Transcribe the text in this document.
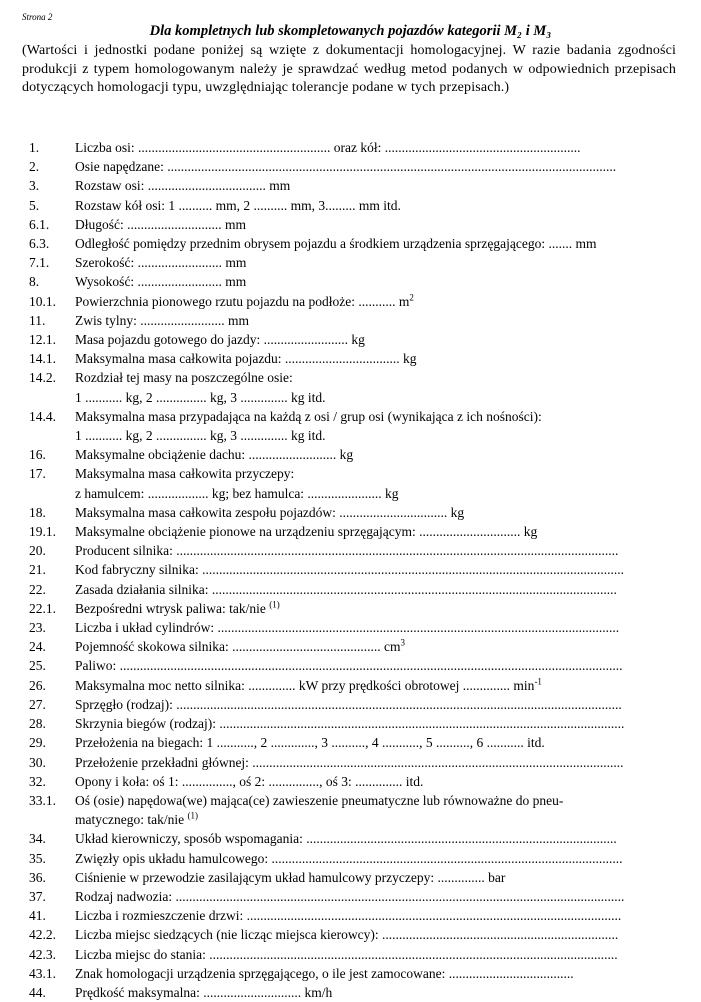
Strona 2

Dla kompletnych lub skompletowanych pojazdów kategorii M₂ i M₃

(Wartości i jednostki podane poniżej są wzięte z dokumentacji homologacyjnej. W razie badania zgodności produkcji z typem homologowanym należy je sprawdzać według metod podanych w odpowiednich przepisach dotyczących homologacji typu, uwzględniając tolerancje podane w tych przepisach.)

1.	Liczba osi: ......................................................... oraz kół: ..........................................................
2.	Osie napędzane: .....................................................................................................................................
3.	Rozstaw osi: ................................... mm
5.	Rozstaw kół osi: 1 .......... mm, 2 .......... mm, 3......... mm itd.
6.1. Długość: ............................ mm
6.3. Odległość pomiędzy przednim obrysem pojazdu a środkiem urządzenia sprzęgającego: ....... mm
7.1. Szerokość: ......................... mm
8.	Wysokość: ......................... mm
10.1. Powierzchnia pionowego rzutu pojazdu na podłoże: ........... $m^2$
11. Zwis tylny: ......................... mm
12.1. Masa pojazdu gotowego do jazdy: ......................... kg
14.1. Maksymalna masa całkowita pojazdu: .................................. kg
14.2. Rozdział tej masy na poszczególne osie:
1 ........... kg, 2 ............... kg, 3 .............. kg itd.
14.4. Maksymalna masa przypadająca na każdą z osi / grup osi (wynikająca z ich nośności):
1 ........... kg, 2 ............... kg, 3 .............. kg itd.
16. Maksymalne obciążenie dachu: .......................... kg
17. Maksymalna masa całkowita przyczepy:
z hamulcem: .................. kg; bez hamulca: ...................... kg
18. Maksymalna masa całkowita zespołu pojazdów: ................................ kg
19.1. Maksymalne obciążenie pionowe na urządzeniu sprzęgającym: .............................. kg
20. Producent silnika: ...................................................................................................................................
21. Kod fabryczny silnika: .............................................................................................................................
22. Zasada działania silnika: ........................................................................................................................
22.1. Bezpośredni wtrysk paliwa: tak/nie $^{(1)}$
23. Liczba i układ cylindrów: .......................................................................................................................
24. Pojemność skokowa silnika: ............................................ $cm^3$
25. Paliwo: .....................................................................................................................................................
26. Maksymalna moc netto silnika: .............. kW przy prędkości obrotowej .............. $\min^{-1}$
27. Sprzęgło (rodzaj): ....................................................................................................................................
28. Skrzynia biegów (rodzaj): ........................................................................................................................
29. Przełożenia na biegach: 1 ..........., 2 ............., 3 .........., 4 ..........., 5 .........., 6 ........... itd.
30. Przełożenie przekładni głównej: ..............................................................................................................
32. Opony i koła: oś 1: ..............., oś 2: ..............., oś 3: .............. itd.
33.1. Oś (osie) napędowa(we) mająca(ce) zawieszenie pneumatyczne lub równoważne do pneu-
matycznego: tak/nie $^{(1)}$
34. Układ kierowniczy, sposób wspomagania: ............................................................................................
35. Zwięzły opis układu hamulcowego: ........................................................................................................
36. Ciśnienie w przewodzie zasilającym układ hamulcowy przyczepy: .............. bar
37. Rodzaj nadwozia: .....................................................................................................................................
41. Liczba i rozmieszczenie drzwi: ...............................................................................................................
42.2. Liczba miejsc siedzących (nie licząc miejsca kierowcy): ......................................................................
42.3. Liczba miejsc do stania: .........................................................................................................................
43.1. Znak homologacji urządzenia sprzęgającego, o ile jest zamocowane: .....................................
44. Prędkość maksymalna: ............................. km/h
